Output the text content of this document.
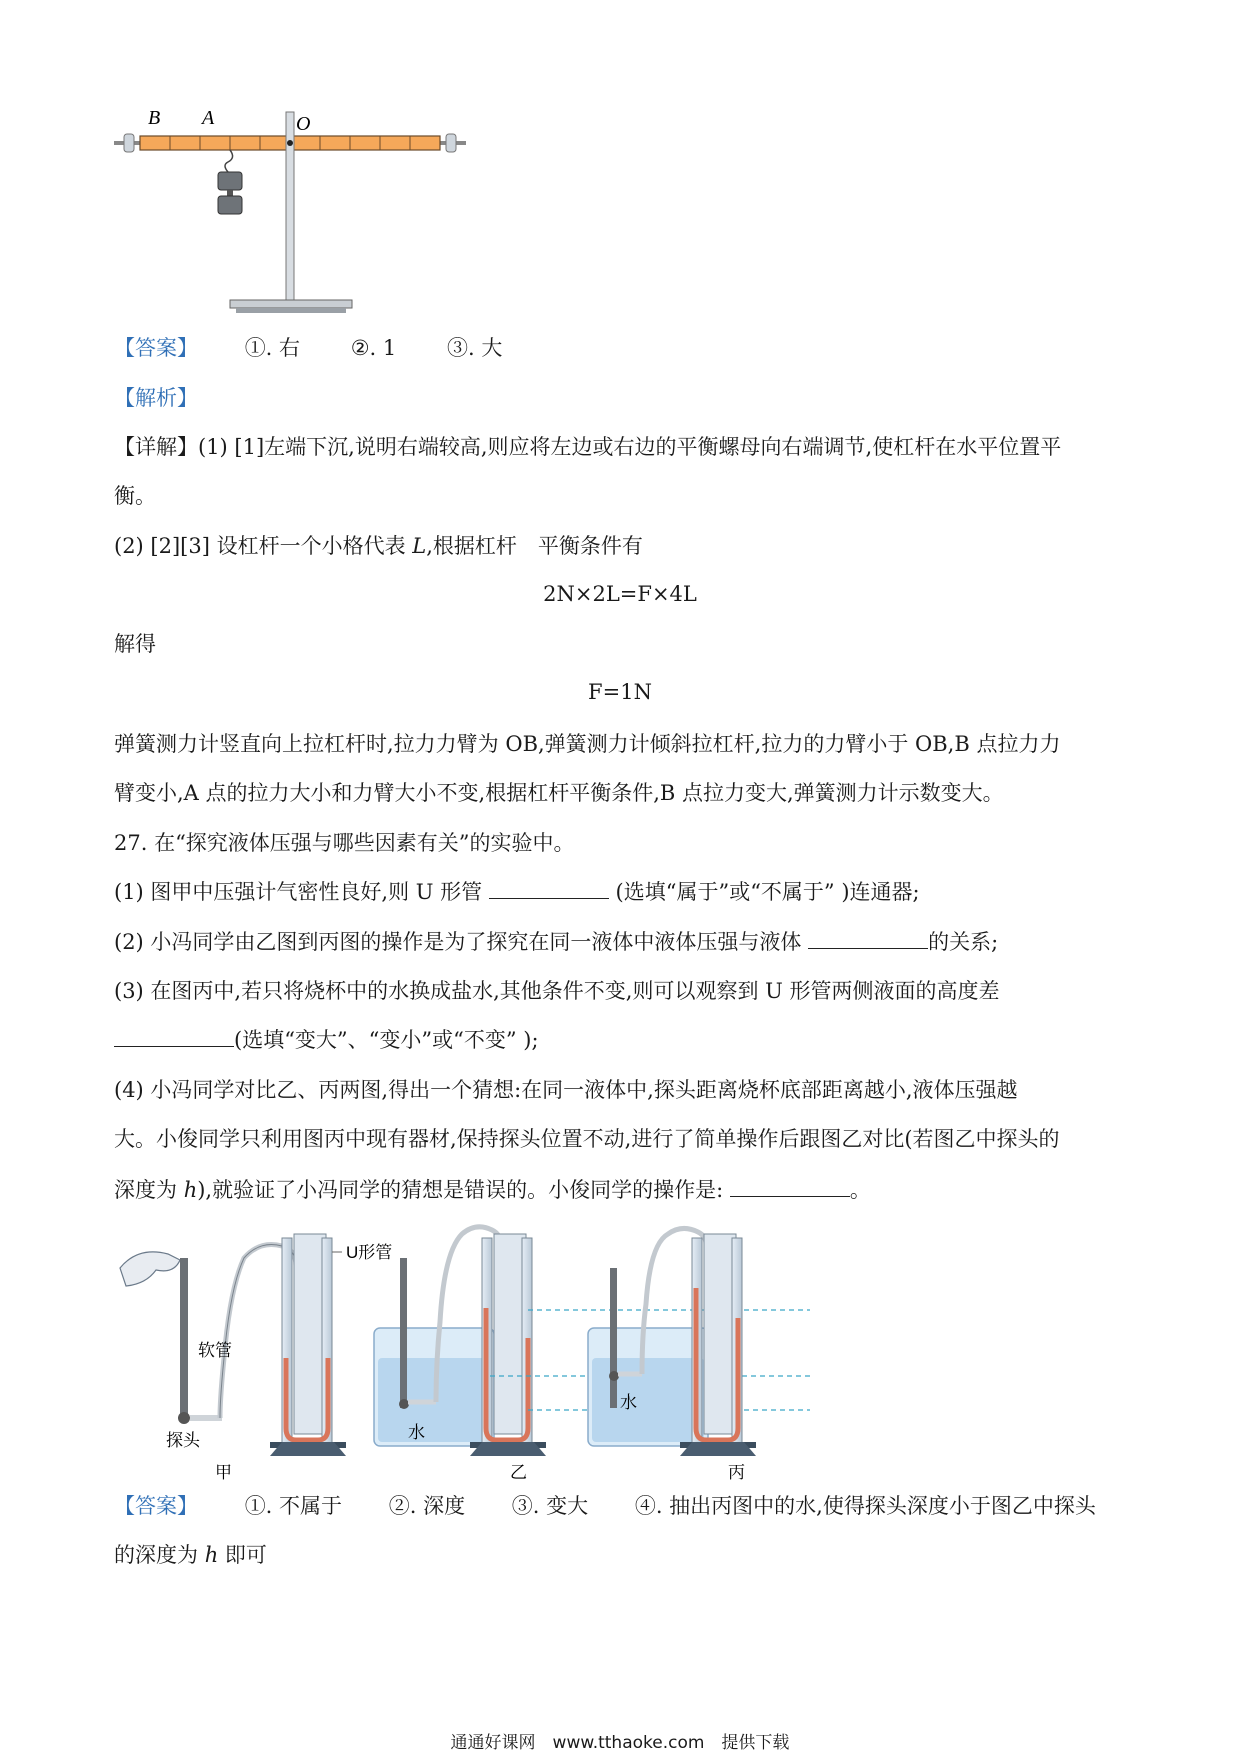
B A	O
【答案】 ①. 右 ②. 1 ③. 大
【解析】
【详解】(1) [1]左端下沉,说明右端较高,则应将左边或右边的平衡螺母向右端调节,使杠杆在水平位置平
衡。
(2) [2][3] 设杠杆一个小格代表 L,根据杠杆　平衡条件有
2N×2L=F×4L
解得
F=1N
弹簧测力计竖直向上拉杠杆时,拉力力臂为 OB,弹簧测力计倾斜拉杠杆,拉力的力臂小于 OB,B 点拉力力
臂变小,A 点的拉力大小和力臂大小不变,根据杠杆平衡条件,B 点拉力变大,弹簧测力计示数变大。
27. 在“探究液体压强与哪些因素有关”的实验中。
(1) 图甲中压强计气密性良好,则 U 形管	(选填“属于”或“不属于” )连通器;
(2) 小冯同学由乙图到丙图的操作是为了探究在同一液体中液体压强与液体	的关系;
(3) 在图丙中,若只将烧杯中的水换成盐水,其他条件不变,则可以观察到 U 形管两侧液面的高度差
(选填“变大”、“变小”或“不变” );
(4) 小冯同学对比乙、丙两图,得出一个猜想:在同一液体中,探头距离烧杯底部距离越小,液体压强越
大。小俊同学只利用图丙中现有器材,保持探头位置不动,进行了简单操作后跟图乙对比(若图乙中探头的
深度为 h),就验证了小冯同学的猜想是错误的。小俊同学的操作是:	。
U形管
软管
探头
甲
水
乙
水
丙
【答案】 ①. 不属于 ②. 深度 ③. 变大 ④. 抽出丙图中的水,使得探头深度小于图乙中探头
的深度为 h 即可
通通好课网　www.tthaoke.com　提供下载
